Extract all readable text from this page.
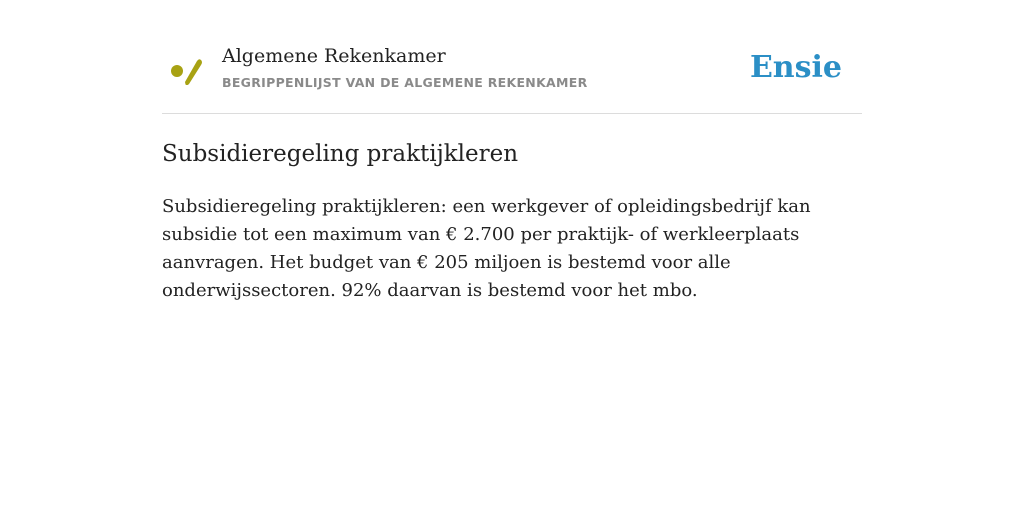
Algemene Rekenkamer
BEGRIPPENLIJST VAN DE ALGEMENE REKENKAMER	Ensie
Subsidieregeling praktijkleren

Subsidieregeling praktijkleren: een werkgever of opleidingsbedrijf kan subsidie tot een maximum van € 2.700 per praktijk- of werkleerplaats aanvragen. Het budget van € 205 miljoen is bestemd voor alle onderwijssectoren. 92% daarvan is bestemd voor het mbo.
